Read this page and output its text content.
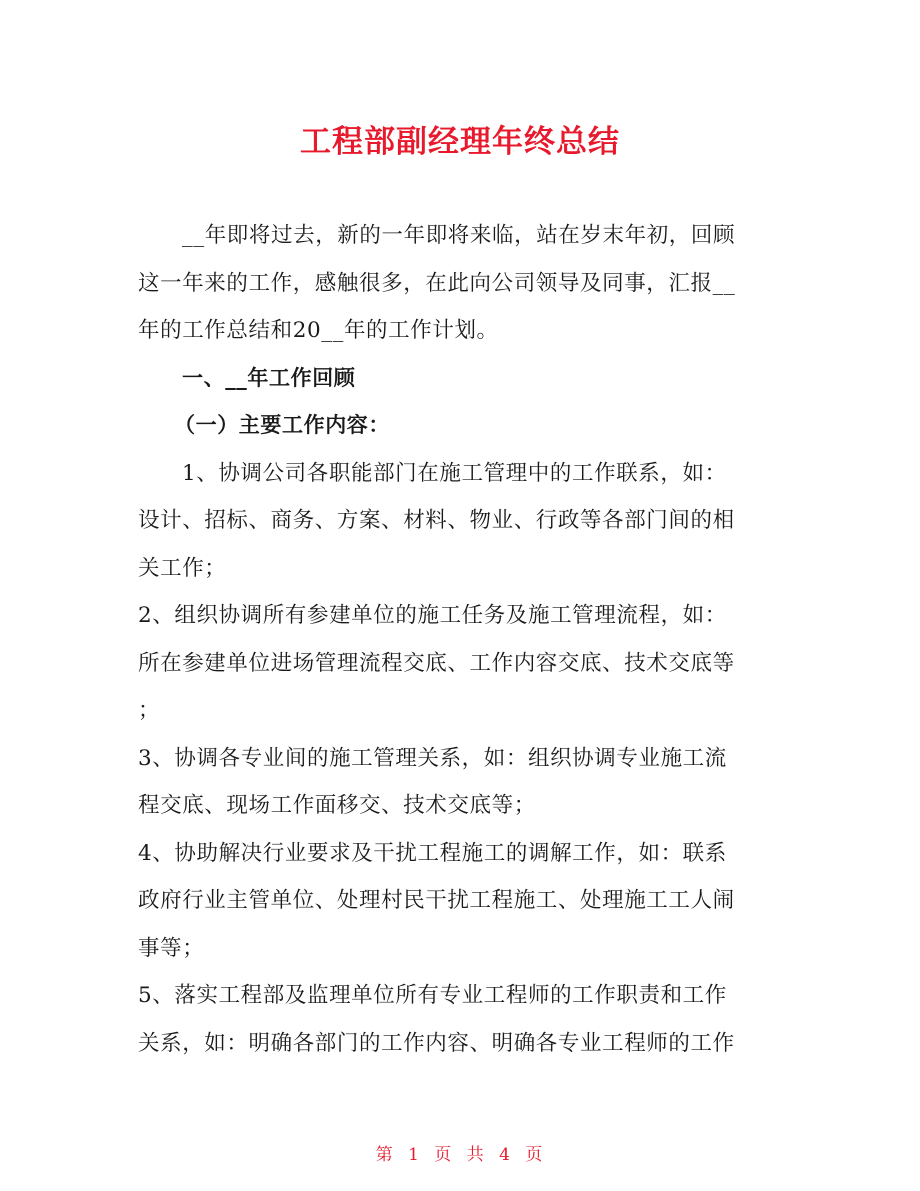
工程部副经理年终总结
__年即将过去，新的一年即将来临，站在岁末年初，回顾
这一年来的工作，感触很多，在此向公司领导及同事，汇报__
年的工作总结和20__年的工作计划。
一、__年工作回顾
（一）主要工作内容：
1、协调公司各职能部门在施工管理中的工作联系，如：
设计、招标、商务、方案、材料、物业、行政等各部门间的相
关工作；
2、组织协调所有参建单位的施工任务及施工管理流程，如：
所在参建单位进场管理流程交底、工作内容交底、技术交底等
；
3、协调各专业间的施工管理关系，如：组织协调专业施工流
程交底、现场工作面移交、技术交底等；
4、协助解决行业要求及干扰工程施工的调解工作，如：联系
政府行业主管单位、处理村民干扰工程施工、处理施工工人闹
事等；
5、落实工程部及监理单位所有专业工程师的工作职责和工作
关系，如：明确各部门的工作内容、明确各专业工程师的工作
第 1 页 共 4 页
